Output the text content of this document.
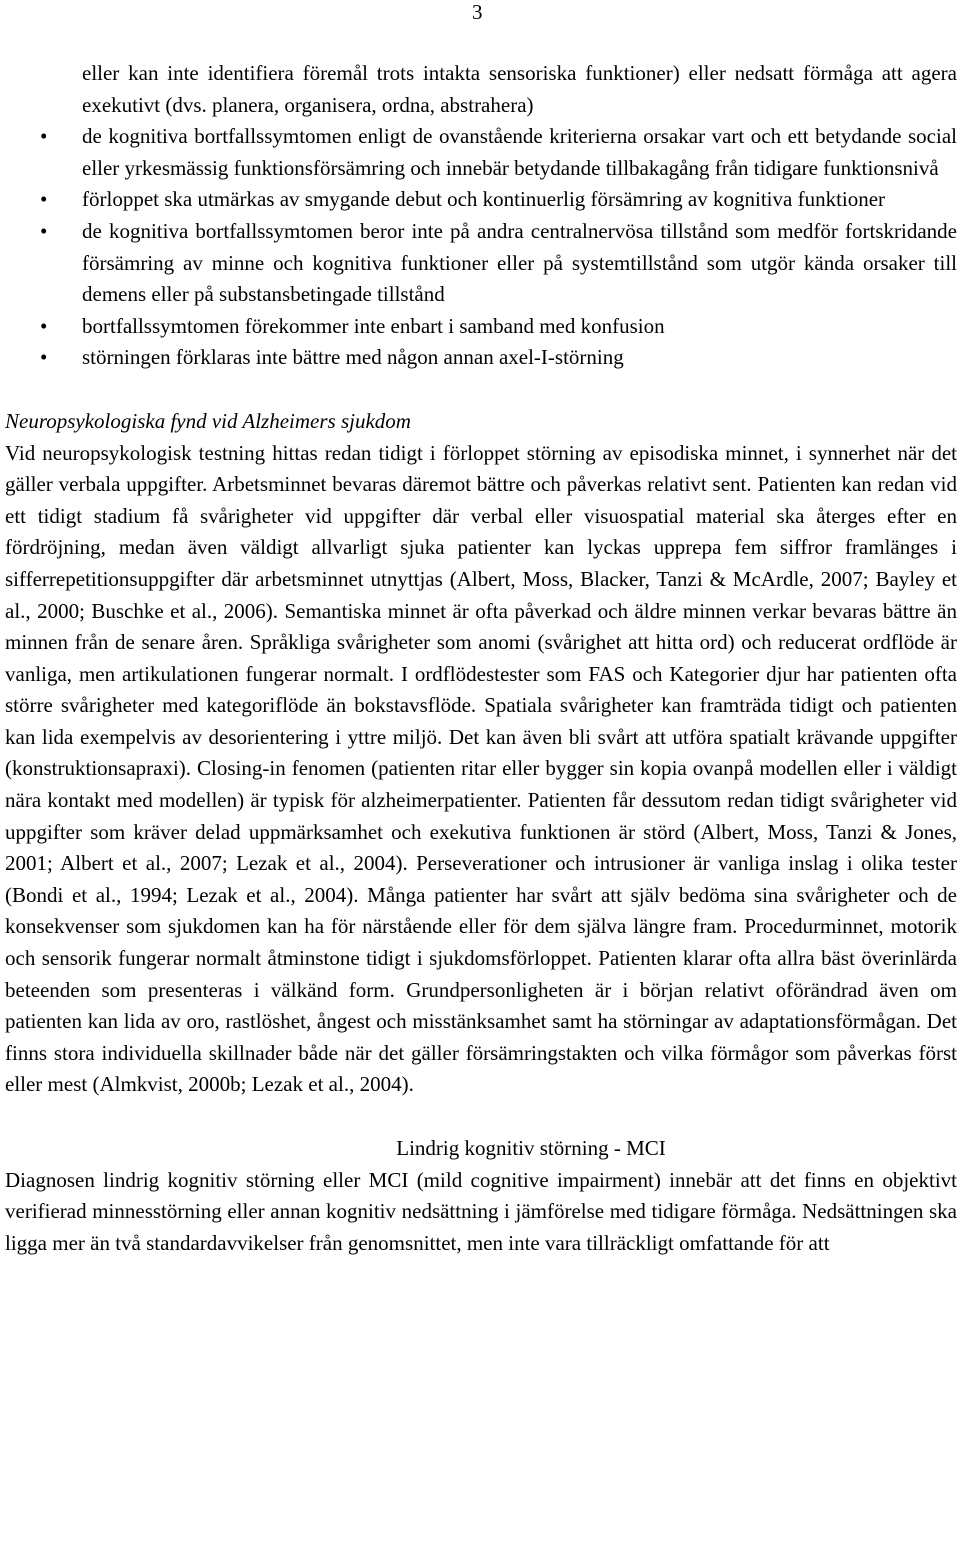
3
eller kan inte identifiera föremål trots intakta sensoriska funktioner) eller nedsatt förmåga att agera exekutivt (dvs. planera, organisera, ordna, abstrahera)
• de kognitiva bortfallssymtomen enligt de ovanstående kriterierna orsakar vart och ett betydande social eller yrkesmässig funktionsförsämring och innebär betydande tillbakagång från tidigare funktionsnivå
• förloppet ska utmärkas av smygande debut och kontinuerlig försämring av kognitiva funktioner
• de kognitiva bortfallssymtomen beror inte på andra centralnervösa tillstånd som medför fortskridande försämring av minne och kognitiva funktioner eller på systemtillstånd som utgör kända orsaker till demens eller på substansbetingade tillstånd
• bortfallssymtomen förekommer inte enbart i samband med konfusion
• störningen förklaras inte bättre med någon annan axel-I-störning
Neuropsykologiska fynd vid Alzheimers sjukdom

Vid neuropsykologisk testning hittas redan tidigt i förloppet störning av episodiska minnet, i synnerhet när det gäller verbala uppgifter. Arbetsminnet bevaras däremot bättre och påverkas relativt sent. Patienten kan redan vid ett tidigt stadium få svårigheter vid uppgifter där verbal eller visuospatial material ska återges efter en fördröjning, medan även väldigt allvarligt sjuka patienter kan lyckas upprepa fem siffror framlänges i sifferrepetitionsuppgifter där arbetsminnet utnyttjas (Albert, Moss, Blacker, Tanzi & McArdle, 2007; Bayley et al., 2000; Buschke et al., 2006). Semantiska minnet är ofta påverkad och äldre minnen verkar bevaras bättre än minnen från de senare åren. Språkliga svårigheter som anomi (svårighet att hitta ord) och reducerat ordflöde är vanliga, men artikulationen fungerar normalt. I ordflödestester som FAS och Kategorier djur har patienten ofta större svårigheter med kategoriflöde än bokstavsflöde. Spatiala svårigheter kan framträda tidigt och patienten kan lida exempelvis av desorientering i yttre miljö. Det kan även bli svårt att utföra spatialt krävande uppgifter (konstruktionsapraxi). Closing-in fenomen (patienten ritar eller bygger sin kopia ovanpå modellen eller i väldigt nära kontakt med modellen) är typisk för alzheimerpatienter. Patienten får dessutom redan tidigt svårigheter vid uppgifter som kräver delad uppmärksamhet och exekutiva funktionen är störd (Albert, Moss, Tanzi & Jones, 2001; Albert et al., 2007; Lezak et al., 2004). Perseverationer och intrusioner är vanliga inslag i olika tester (Bondi et al., 1994; Lezak et al., 2004). Många patienter har svårt att själv bedöma sina svårigheter och de konsekvenser som sjukdomen kan ha för närstående eller för dem själva längre fram. Procedurminnet, motorik och sensorik fungerar normalt åtminstone tidigt i sjukdomsförloppet. Patienten klarar ofta allra bäst överinlärda beteenden som presenteras i välkänd form. Grundpersonligheten är i början relativt oförändrad även om patienten kan lida av oro, rastlöshet, ångest och misstänksamhet samt ha störningar av adaptationsförmågan. Det finns stora individuella skillnader både när det gäller försämringstakten och vilka förmågor som påverkas först eller mest (Almkvist, 2000b; Lezak et al., 2004).

Lindrig kognitiv störning - MCI

Diagnosen lindrig kognitiv störning eller MCI (mild cognitive impairment) innebär att det finns en objektivt verifierad minnesstörning eller annan kognitiv nedsättning i jämförelse med tidigare förmåga. Nedsättningen ska ligga mer än två standardavvikelser från genomsnittet, men inte vara tillräckligt omfattande för att
